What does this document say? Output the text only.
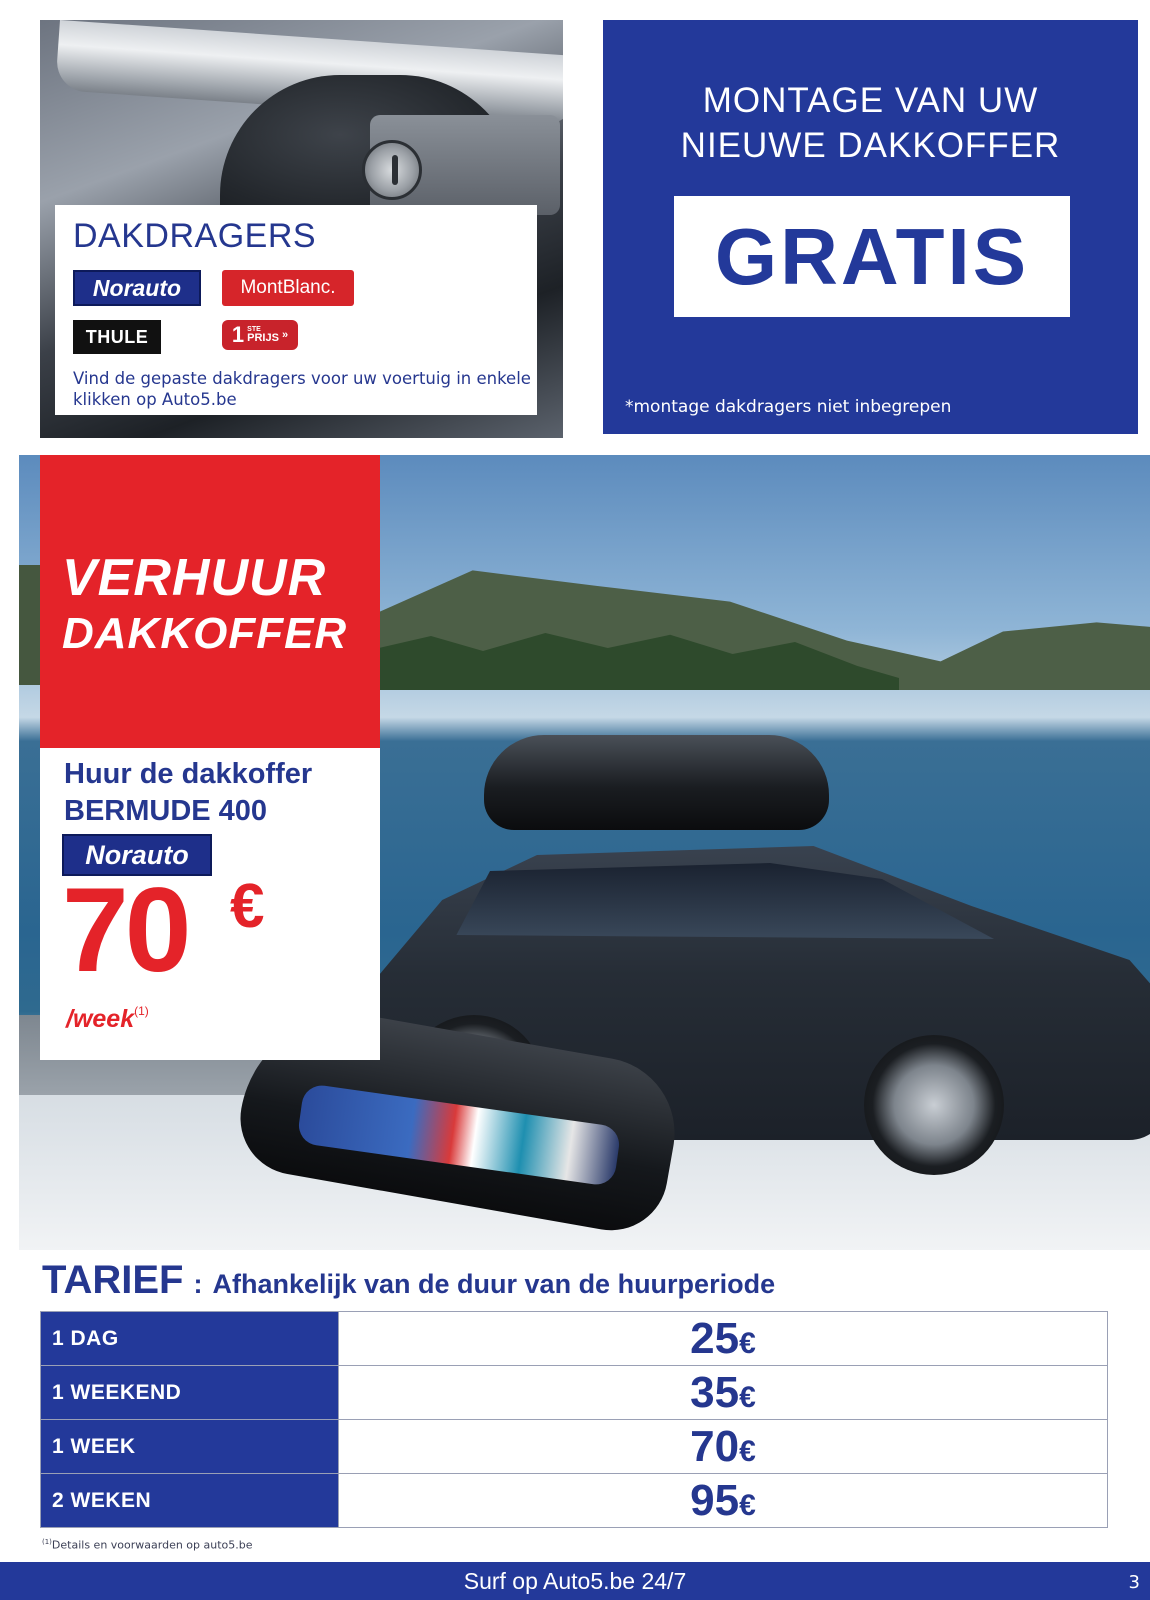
DAKDRAGERS
Norauto	MontBlanc.
THULE	1 STE
PRIJS »

Vind de gepaste dakdragers voor uw voertuig in enkele klikken op Auto5.be

MONTAGE VAN UW
NIEUWE DAKKOFFER
GRATIS
*montage dakdragers niet inbegrepen
VERHUUR
DAKKOFFER
Huur de dakkoffer
BERMUDE 400
Norauto
70 €
/week$^{(1)}$
TARIEF : Afhankelijk van de duur van de huurperiode
1 DAG	25€
1 WEEKEND	35€
1 WEEK	70€
2 WEKEN	95€

$^{(1)}$Details en voorwaarden op auto5.be

Surf op Auto5.be 24/7	3
